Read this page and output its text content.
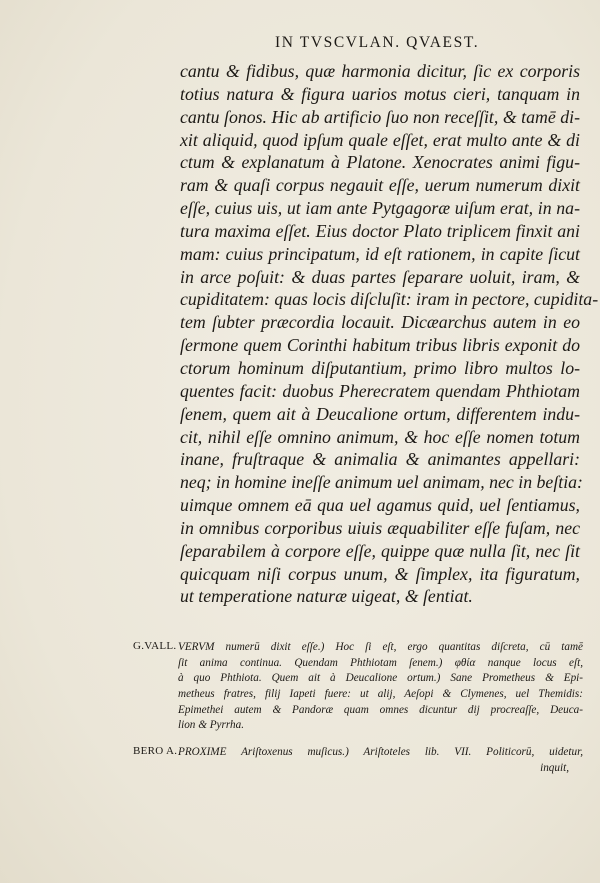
IN TVSCVLAN. QVAEST.
cantu & fidibus, quæ harmonia dicitur, ſic ex corporis
totius natura & figura uarios motus cieri, tanquam in
cantu ſonos. Hic ab artificio ſuo non receſſit, & tamē di-
xit aliquid, quod ipſum quale eſſet, erat multo ante & di
ctum & explanatum à Platone. Xenocrates animi figu-
ram & quaſi corpus negauit eſſe, uerum numerum dixit
eſſe, cuius uis, ut iam ante Pytgagoræ uiſum erat, in na-
tura maxima eſſet. Eius doctor Plato triplicem finxit ani
mam: cuius principatum, id eſt rationem, in capite ſicut
in arce poſuit: & duas partes ſeparare uoluit, iram, &
cupiditatem: quas locis diſcluſit: iram in pectore, cupidita-
tem ſubter præcordia locauit. Dicæarchus autem in eo
ſermone quem Corinthi habitum tribus libris exponit do
ctorum hominum diſputantium, primo libro multos lo-
quentes facit: duobus Pherecratem quendam Phthiotam
ſenem, quem ait à Deucalione ortum, differentem indu-
cit, nihil eſſe omnino animum, & hoc eſſe nomen totum
inane, fruſtraque & animalia & animantes appellari:
neq; in homine ineſſe animum uel animam, nec in beſtia:
uimque omnem eā qua uel agamus quid, uel ſentiamus,
in omnibus corporibus uiuis æquabiliter eſſe fuſam, nec
ſeparabilem à corpore eſſe, quippe quæ nulla ſit, nec ſit
quicquam niſi corpus unum, & ſimplex, ita figuratum,
ut temperatione naturæ uigeat, & ſentiat.
G.VALL. VERVM numerū dixit eſſe.) Hoc ſi eſt, ergo quantitas diſcreta, cū tamē
ſit anima continua. Quendam Phthiotam ſenem.) φθία nanque locus eſt,
à quo Phthiota. Quem ait à Deucalione ortum.) Sane Prometheus & Epi-
metheus fratres, filij Iapeti fuere: ut alij, Aeſopi & Clymenes, uel Themidis:
Epimethei autem & Pandoræ quam omnes dicuntur dij procreaſſe, Deuca-
lion & Pyrrha.
BERO A. PROXIME Ariſtoxenus muſicus.) Ariſtoteles lib. VII. Politicorū, uidetur,
inquit,
